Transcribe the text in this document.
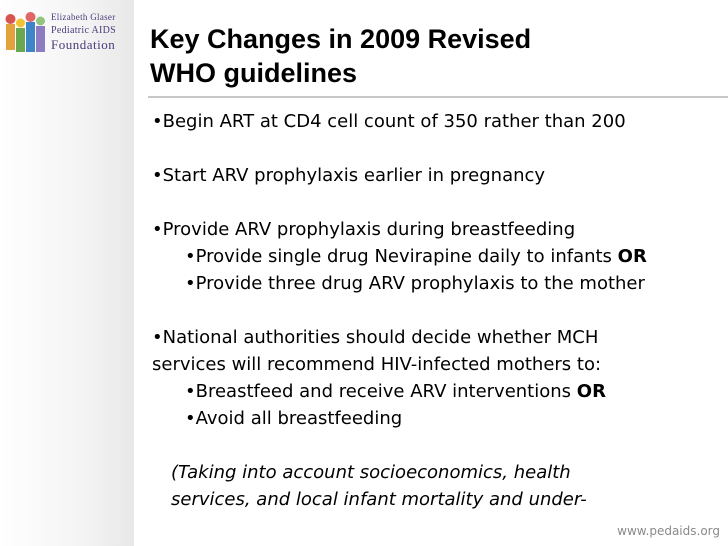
Elizabeth Glaser
Pediatric AIDS
Foundation Key Changes in 2009 Revised
WHO guidelines

•Begin ART at CD4 cell count of 350 rather than 200

•Start ARV prophylaxis earlier in pregnancy

•Provide ARV prophylaxis during breastfeeding

•Provide single drug Nevirapine daily to infants OR

•Provide three drug ARV prophylaxis to the mother

•National authorities should decide whether MCH

services will recommend HIV-infected mothers to:

•Breastfeed and receive ARV interventions OR

•Avoid all breastfeeding

(Taking into account socioeconomics, health

services, and local infant mortality and under-

www.pedaids.org
